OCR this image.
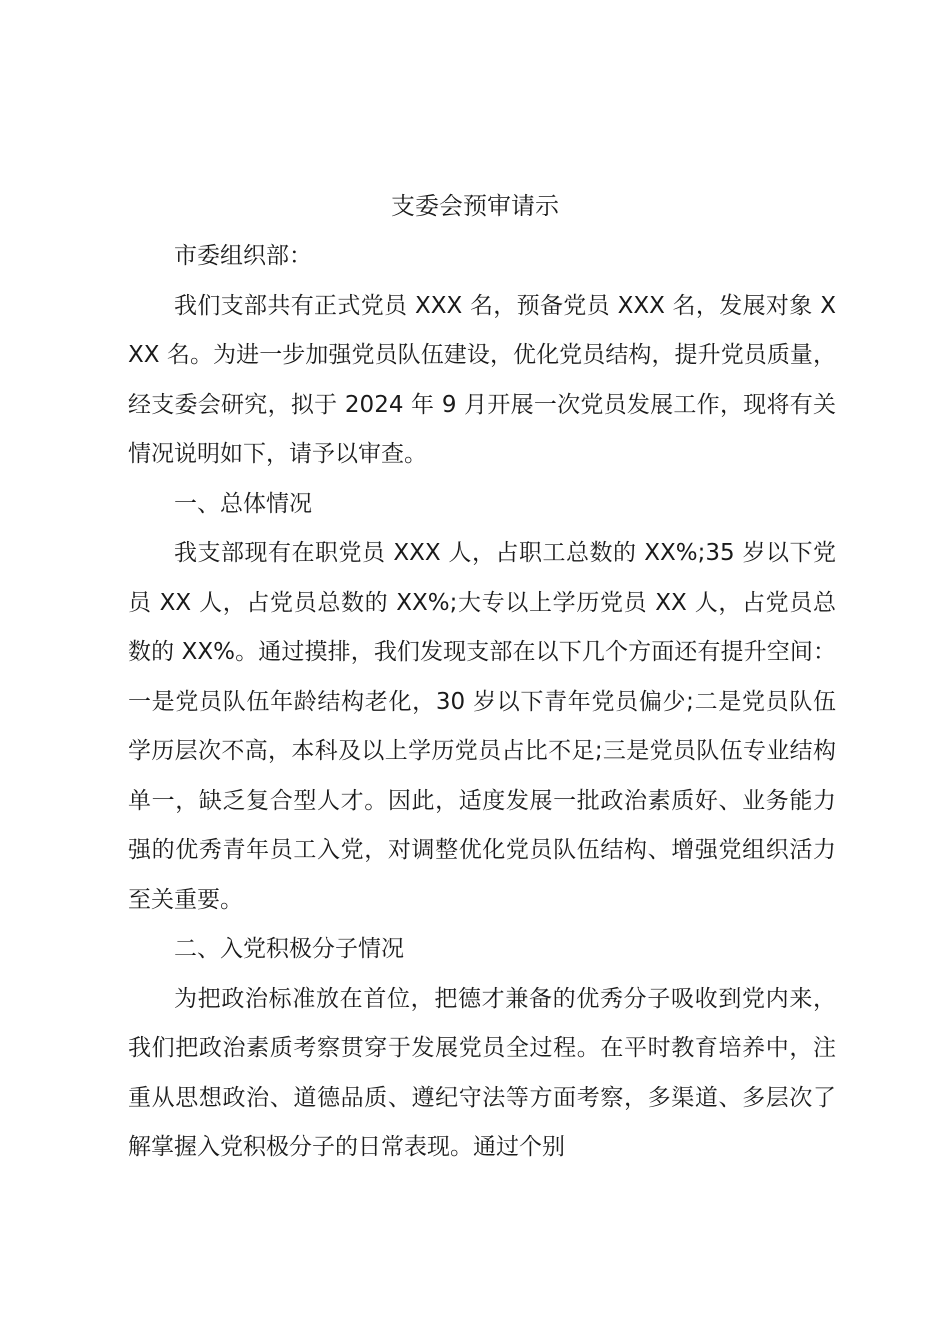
支委会预审请示

市委组织部：

我们支部共有正式党员 XXX 名，预备党员 XXX 名，发展对象 XXX 名。为进一步加强党员队伍建设，优化党员结构，提升党员质量，经支委会研究，拟于 2024 年 9 月开展一次党员发展工作，现将有关情况说明如下，请予以审查。

一、总体情况

我支部现有在职党员 XXX 人，占职工总数的 XX%;35 岁以下党员 XX 人，占党员总数的 XX%;大专以上学历党员 XX 人，占党员总数的 XX%。通过摸排，我们发现支部在以下几个方面还有提升空间：一是党员队伍年龄结构老化，30 岁以下青年党员偏少;二是党员队伍学历层次不高，本科及以上学历党员占比不足;三是党员队伍专业结构单一，缺乏复合型人才。因此，适度发展一批政治素质好、业务能力强的优秀青年员工入党，对调整优化党员队伍结构、增强党组织活力至关重要。

二、入党积极分子情况

为把政治标准放在首位，把德才兼备的优秀分子吸收到党内来，我们把政治素质考察贯穿于发展党员全过程。在平时教育培养中，注重从思想政治、道德品质、遵纪守法等方面考察，多渠道、多层次了解掌握入党积极分子的日常表现。通过个别
